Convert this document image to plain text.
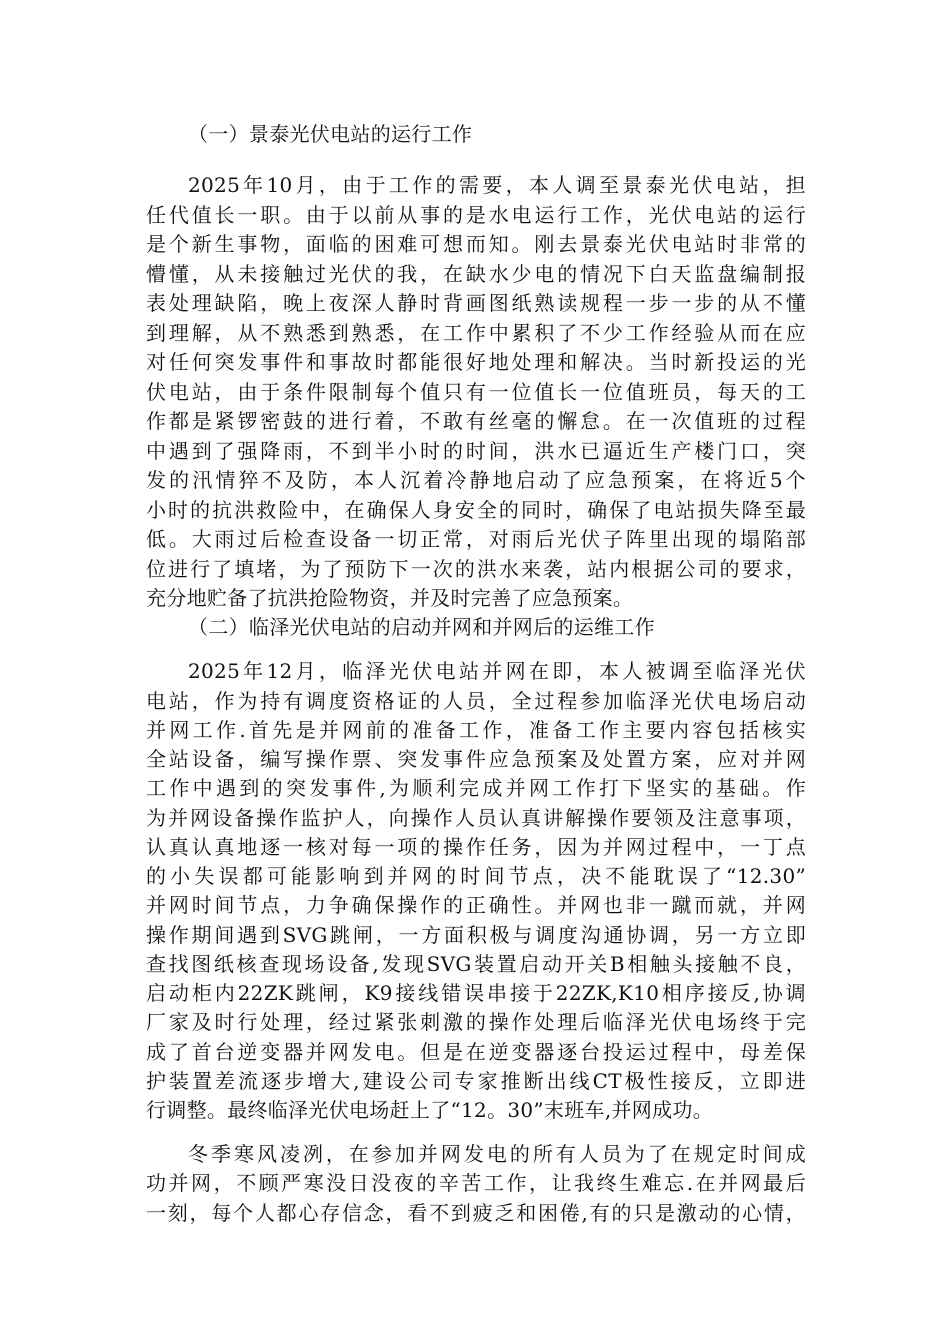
（一）景泰光伏电站的运行工作
2025年10月，由于工作的需要，本人调至景泰光伏电站，担
任代值长一职。由于以前从事的是水电运行工作，光伏电站的运行
是个新生事物，面临的困难可想而知。刚去景泰光伏电站时非常的
懵懂，从未接触过光伏的我，在缺水少电的情况下白天监盘编制报
表处理缺陷，晚上夜深人静时背画图纸熟读规程一步一步的从不懂
到理解，从不熟悉到熟悉，在工作中累积了不少工作经验从而在应
对任何突发事件和事故时都能很好地处理和解决。当时新投运的光
伏电站，由于条件限制每个值只有一位值长一位值班员，每天的工
作都是紧锣密鼓的进行着，不敢有丝毫的懈怠。在一次值班的过程
中遇到了强降雨，不到半小时的时间，洪水已逼近生产楼门口，突
发的汛情猝不及防，本人沉着冷静地启动了应急预案，在将近5个
小时的抗洪救险中，在确保人身安全的同时，确保了电站损失降至最
低。大雨过后检查设备一切正常，对雨后光伏子阵里出现的塌陷部
位进行了填堵，为了预防下一次的洪水来袭，站内根据公司的要求，
充分地贮备了抗洪抢险物资，并及时完善了应急预案。
（二）临泽光伏电站的启动并网和并网后的运维工作
2025年12月，临泽光伏电站并网在即，本人被调至临泽光伏
电站，作为持有调度资格证的人员，全过程参加临泽光伏电场启动
并网工作.首先是并网前的准备工作，准备工作主要内容包括核实
全站设备，编写操作票、突发事件应急预案及处置方案，应对并网
工作中遇到的突发事件,为顺利完成并网工作打下坚实的基础。作
为并网设备操作监护人，向操作人员认真讲解操作要领及注意事项，
认真认真地逐一核对每一项的操作任务，因为并网过程中，一丁点
的小失误都可能影响到并网的时间节点，决不能耽误了“12.30”
并网时间节点，力争确保操作的正确性。并网也非一蹴而就，并网
操作期间遇到SVG跳闸，一方面积极与调度沟通协调，另一方立即
查找图纸核查现场设备,发现SVG装置启动开关B相触头接触不良，
启动柜内22ZK跳闸，K9接线错误串接于22ZK,K10相序接反,协调
厂家及时行处理，经过紧张刺激的操作处理后临泽光伏电场终于完
成了首台逆变器并网发电。但是在逆变器逐台投运过程中，母差保
护装置差流逐步增大,建设公司专家推断出线CT极性接反，立即进
行调整。最终临泽光伏电场赶上了“12。30”末班车,并网成功。
冬季寒风凌冽，在参加并网发电的所有人员为了在规定时间成
功并网，不顾严寒没日没夜的辛苦工作，让我终生难忘.在并网最后
一刻，每个人都心存信念，看不到疲乏和困倦,有的只是激动的心情，
